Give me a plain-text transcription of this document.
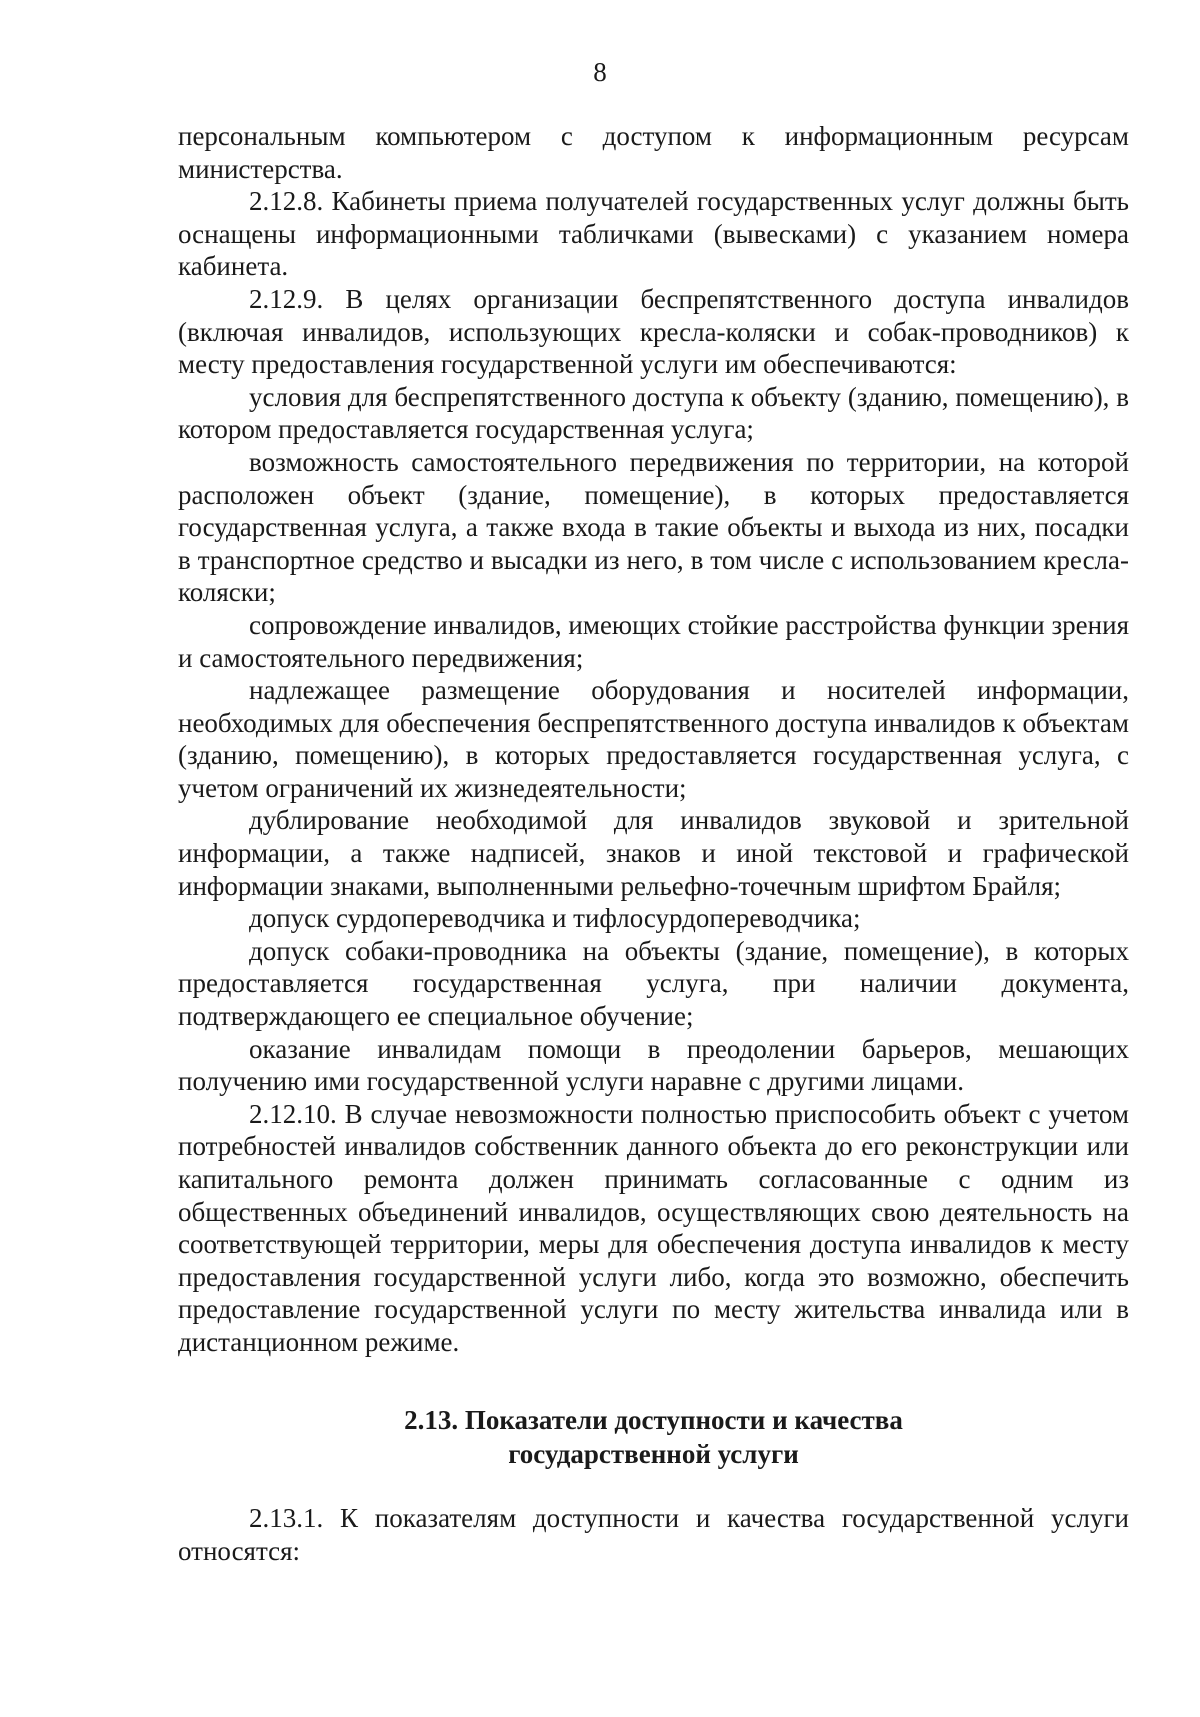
8

персональным компьютером с доступом к информационным ресурсам министерства.

2.12.8. Кабинеты приема получателей государственных услуг должны быть оснащены информационными табличками (вывесками) с указанием номера кабинета.

2.12.9. В целях организации беспрепятственного доступа инвалидов (включая инвалидов, использующих кресла-коляски и собак-проводников) к месту предоставления государственной услуги им обеспечиваются:

условия для беспрепятственного доступа к объекту (зданию, помещению), в котором предоставляется государственная услуга;

возможность самостоятельного передвижения по территории, на которой расположен объект (здание, помещение), в которых предоставляется государственная услуга, а также входа в такие объекты и выхода из них, посадки в транспортное средство и высадки из него, в том числе с использованием кресла-коляски;

сопровождение инвалидов, имеющих стойкие расстройства функции зрения и самостоятельного передвижения;

надлежащее размещение оборудования и носителей информации, необходимых для обеспечения беспрепятственного доступа инвалидов к объектам (зданию, помещению), в которых предоставляется государственная услуга, с учетом ограничений их жизнедеятельности;

дублирование необходимой для инвалидов звуковой и зрительной информации, а также надписей, знаков и иной текстовой и графической информации знаками, выполненными рельефно-точечным шрифтом Брайля;

допуск сурдопереводчика и тифлосурдопереводчика;

допуск собаки-проводника на объекты (здание, помещение), в которых предоставляется государственная услуга, при наличии документа, подтверждающего ее специальное обучение;

оказание инвалидам помощи в преодолении барьеров, мешающих получению ими государственной услуги наравне с другими лицами.

2.12.10. В случае невозможности полностью приспособить объект с учетом потребностей инвалидов собственник данного объекта до его реконструкции или капитального ремонта должен принимать согласованные с одним из общественных объединений инвалидов, осуществляющих свою деятельность на соответствующей территории, меры для обеспечения доступа инвалидов к месту предоставления государственной услуги либо, когда это возможно, обеспечить предоставление государственной услуги по месту жительства инвалида или в дистанционном режиме.

2.13. Показатели доступности и качества
государственной услуги

2.13.1. К показателям доступности и качества государственной услуги относятся:
